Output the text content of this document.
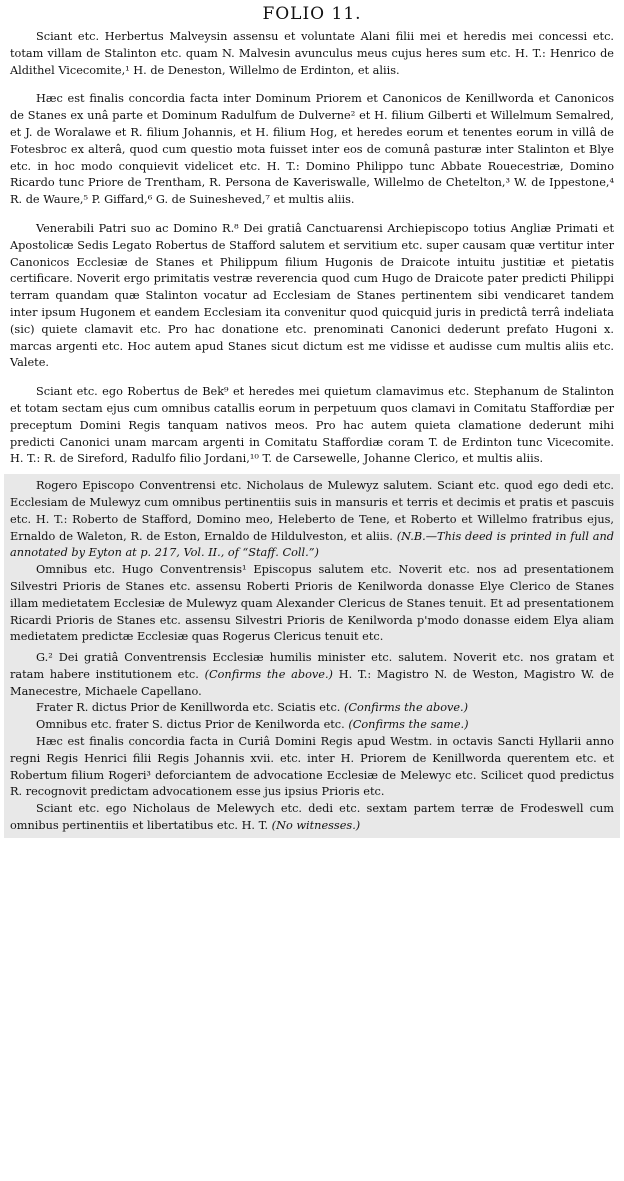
FOLIO 11.

Sciant etc. Herbertus Malveysin assensu et voluntate Alani filii mei et heredis mei concessi etc. totam villam de Stalinton etc. quam N. Malvesin avunculus meus cujus heres sum etc. H. T.: Henrico de Aldithel Vicecomite,¹ H. de Deneston, Willelmo de Erdinton, et aliis.

Hæc est finalis concordia facta inter Dominum Priorem et Canonicos de Kenillworda et Canonicos de Stanes ex unâ parte et Dominum Radulfum de Dulverne² et H. filium Gilberti et Willelmum Semalred, et J. de Woralawe et R. filium Johannis, et H. filium Hog, et heredes eorum et tenentes eorum in villâ de Fotesbroc ex alterâ, quod cum questio mota fuisset inter eos de comunâ pasturæ inter Stalinton et Blye etc. in hoc modo conquievit videlicet etc. H. T.: Domino Philippo tunc Abbate Rouecestriæ, Domino Ricardo tunc Priore de Trentham, R. Persona de Kaveriswalle, Willelmo de Chetelton,³ W. de Ippestone,⁴ R. de Waure,⁵ P. Giffard,⁶ G. de Suineshеved,⁷ et multis aliis.

Venerabili Patri suo ac Domino R.⁸ Dei gratiâ Canctuarensi Archiepiscopo totius Angliæ Primati et Apostolicæ Sedis Legato Robertus de Stafford salutem et servitium etc. super causam quæ vertitur inter Canonicos Ecclesiæ de Stanes et Philippum filium Hugonis de Draicote intuitu justitiæ et pietatis certificare. Noverit ergo primitatis vestræ reverencia quod cum Hugo de Draicote pater predicti Philippi terram quandam quæ Stalinton vocatur ad Ecclesiam de Stanes pertinentem sibi vendicaret tandem inter ipsum Hugonem et eandem Ecclesiam ita convenitur quod quicquid juris in predictâ terrâ indeliata (sic) quiete clamavit etc. Pro hac donatione etc. prenominati Canonici dederunt prefato Hugoni x. marcas argenti etc. Hoc autem apud Stanes sicut dictum est me vidisse et audisse cum multis aliis etc. Valete.

Sciant etc. ego Robertus de Bek⁹ et heredes mei quietum clamavimus etc. Stephanum de Stalinton et totam sectam ejus cum omnibus catallis eorum in perpetuum quos clamavi in Comitatu Staffordiæ per preceptum Domini Regis tanquam nativos meos. Pro hac autem quieta clamatione dederunt mihi predicti Canonici unam marcam argenti in Comitatu Staffordiæ coram T. de Erdinton tunc Vicecomite. H. T.: R. de Sireford, Radulfo filio Jordani,¹⁰ T. de Carsewelle, Johanne Clerico, et multis aliis.

Rogero Episcopo Conventrensi etc. Nicholaus de Mulewyz salutem. Sciant etc. quod ego dedi etc. Ecclesiam de Mulewyz cum omnibus pertinentiis suis in mansuris et terris et decimis et pratis et pascuis etc. H. T.: Roberto de Stafford, Domino meo, Heleberto de Tene, et Roberto et Willelmo fratribus ejus, Ernaldo de Waleton, R. de Eston, Ernaldo de Hildulveston, et aliis. (N.B.—This deed is printed in full and annotated by Eyton at p. 217, Vol. II., of “Staff. Coll.”)

Omnibus etc. Hugo Conventrensis¹ Episcopus salutem etc. Noverit etc. nos ad presentationem Silvestri Prioris de Stanes etc. assensu Roberti Prioris de Kenilworda donasse Elye Clerico de Stanes illam medietatem Ecclesiæ de Mulewyz quam Alexander Clericus de Stanes tenuit. Et ad presentationem Ricardi Prioris de Stanes etc. assensu Silvestri Prioris de Kenilworda p'modo donasse eidem Elya aliam medietatem predictæ Ecclesiæ quas Rogerus Clericus tenuit etc.

G.² Dei gratiâ Conventrensis Ecclesiæ humilis minister etc. salutem. Noverit etc. nos gratam et ratam habere institutionem etc. (Confirms the above.) H. T.: Magistro N. de Weston, Magistro W. de Manecestre, Michaele Capellano.

Frater R. dictus Prior de Kenillworda etc. Sciatis etc. (Confirms the above.)

Omnibus etc. frater S. dictus Prior de Kenilworda etc. (Confirms the same.)

Hæc est finalis concordia facta in Curiâ Domini Regis apud Westm. in octavis Sancti Hyllarii anno regni Regis Henrici filii Regis Johannis xvii. etc. inter H. Priorem de Kenillworda querentem etc. et Robertum filium Rogeri³ deforciantem de advocatione Ecclesiæ de Melewyc etc. Scilicet quod predictus R. recognovit predictam advocationem esse jus ipsius Prioris etc.

Sciant etc. ego Nicholaus de Melewych etc. dedi etc. sextam partem terræ de Frodeswell cum omnibus pertinentiis et libertatibus etc. H. T. (No witnesses.)
